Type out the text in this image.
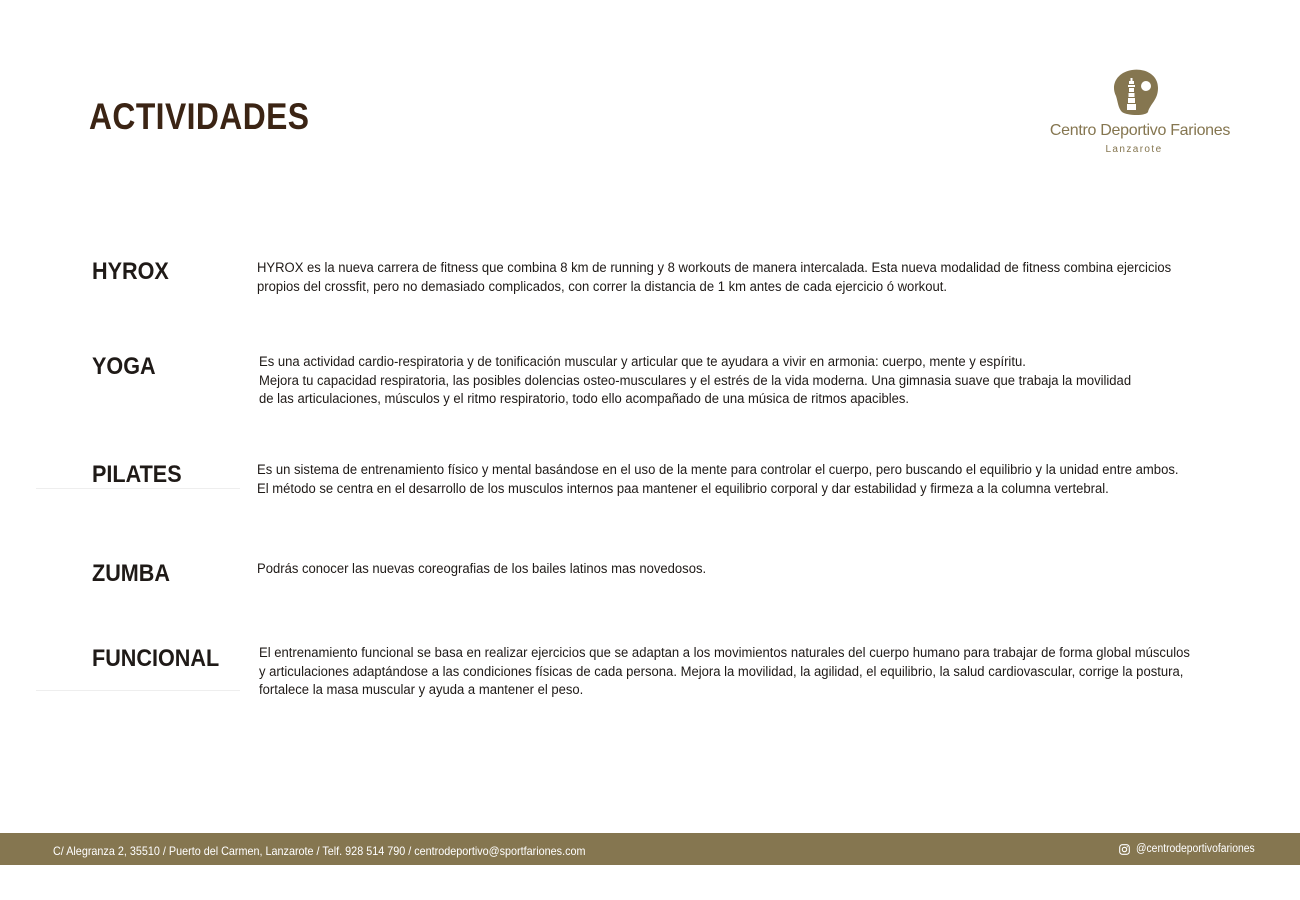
ACTIVIDADES	Centro Deportivo Fariones
Lanzarote
HYROX	HYROX es la nueva carrera de fitness que combina 8 km de running y 8 workouts de manera intercalada. Esta nueva modalidad de fitness combina ejercicios
propios del crossfit, pero no demasiado complicados, con correr la distancia de 1 km antes de cada ejercicio ó workout.

YOGA	Es una actividad cardio-respiratoria y de tonificación muscular y articular que te ayudara a vivir en armonia: cuerpo, mente y espíritu.
Mejora tu capacidad respiratoria, las posibles dolencias osteo-musculares y el estrés de la vida moderna. Una gimnasia suave que trabaja la movilidad
de las articulaciones, músculos y el ritmo respiratorio, todo ello acompañado de una música de ritmos apacibles.

PILATES	Es un sistema de entrenamiento físico y mental basándose en el uso de la mente para controlar el cuerpo, pero buscando el equilibrio y la unidad entre ambos.
El método se centra en el desarrollo de los musculos internos paa mantener el equilibrio corporal y dar estabilidad y firmeza a la columna vertebral.

ZUMBA	Podrás conocer las nuevas coreografias de los bailes latinos mas novedosos.

FUNCIONAL	El entrenamiento funcional se basa en realizar ejercicios que se adaptan a los movimientos naturales del cuerpo humano para trabajar de forma global músculos
y articulaciones adaptándose a las condiciones físicas de cada persona. Mejora la movilidad, la agilidad, el equilibrio, la salud cardiovascular, corrige la postura,
fortalece la masa muscular y ayuda a mantener el peso.

C/ Alegranza 2, 35510 / Puerto del Carmen, Lanzarote / Telf. 928 514 790 / centrodeportivo@sportfariones.com	@centrodeportivofariones
